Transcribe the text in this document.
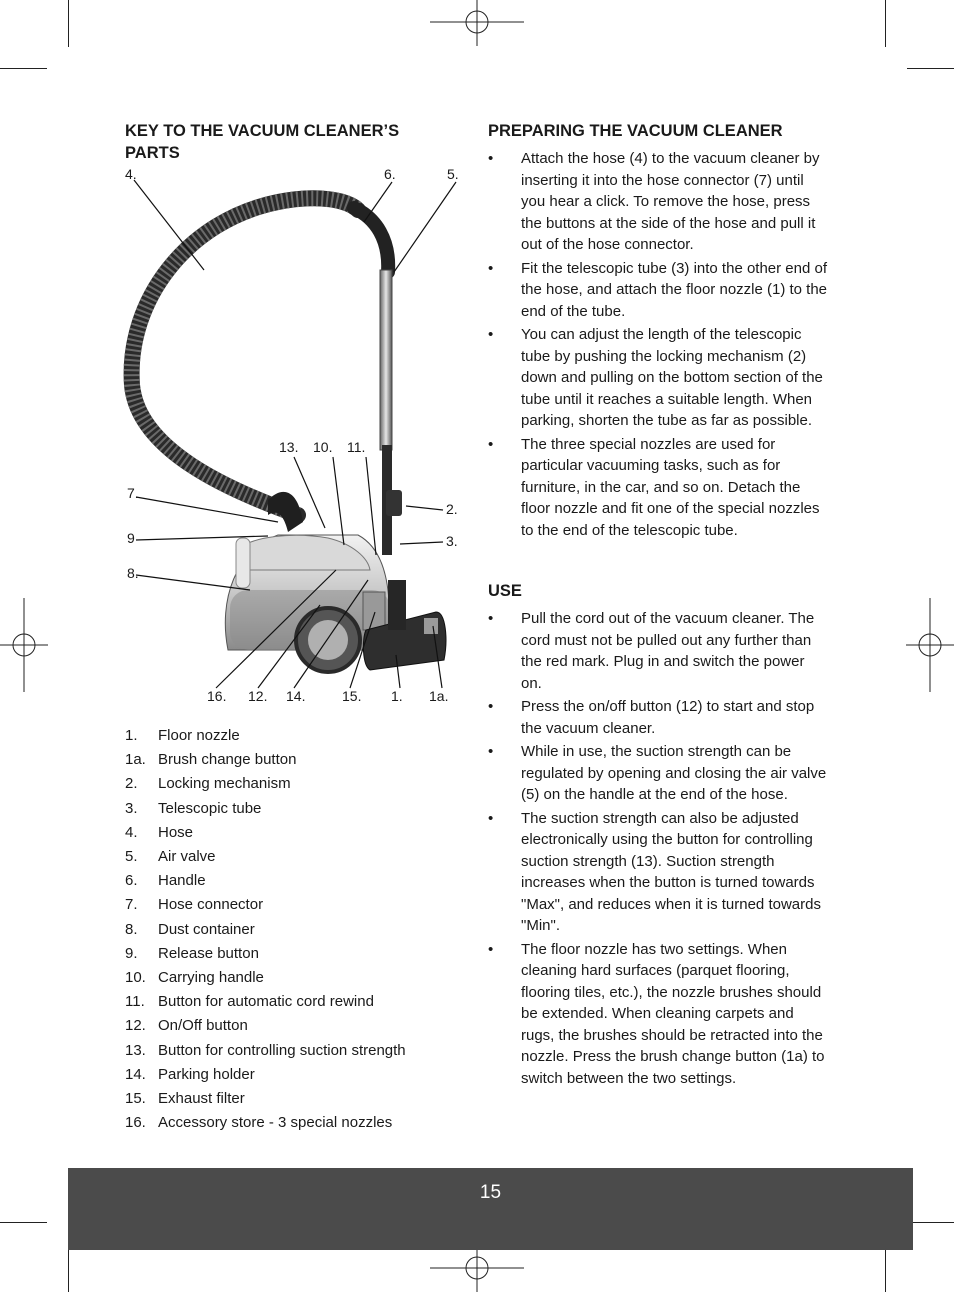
KEY TO THE VACUUM CLEANER’S PARTS
4.	6.	5.
13. 10. 11.
7.
9
8.
2.
3.
16. 12. 14.	15. 1. 1a.
1.	Floor nozzle
1a. Brush change button
2.	Locking mechanism
3.	Telescopic tube
4.	Hose
5.	Air valve
6.	Handle
7.	Hose connector
8.	Dust container
9.	Release button
10. Carrying handle
11. Button for automatic cord rewind
12. On/Off button
13. Button for controlling suction strength
14. Parking holder
15. Exhaust filter
16. Accessory store - 3 special nozzles
PREPARING THE VACUUM CLEANER
• Attach the hose (4) to the vacuum cleaner by inserting it into the hose connector (7) until you hear a click. To remove the hose, press the buttons at the side of the hose and pull it out of the hose connector.
• Fit the telescopic tube (3) into the other end of the hose, and attach the floor nozzle (1) to the end of the tube.
• You can adjust the length of the telescopic tube by pushing the locking mechanism (2) down and pulling on the bottom section of the tube until it reaches a suitable length. When parking, shorten the tube as far as possible.
• The three special nozzles are used for particular vacuuming tasks, such as for furniture, in the car, and so on. Detach the floor nozzle and fit one of the special nozzles to the end of the telescopic tube.
USE
• Pull the cord out of the vacuum cleaner. The cord must not be pulled out any further than the red mark. Plug in and switch the power on.
• Press the on/off button (12) to start and stop the vacuum cleaner.
• While in use, the suction strength can be regulated by opening and closing the air valve (5) on the handle at the end of the hose.
• The suction strength can also be adjusted electronically using the button for controlling suction strength (13). Suction strength increases when the button is turned towards "Max", and reduces when it is turned towards "Min".
• The floor nozzle has two settings. When cleaning hard surfaces (parquet flooring, flooring tiles, etc.), the nozzle brushes should be extended. When cleaning carpets and rugs, the brushes should be retracted into the nozzle. Press the brush change button (1a) to switch between the two settings.
15
